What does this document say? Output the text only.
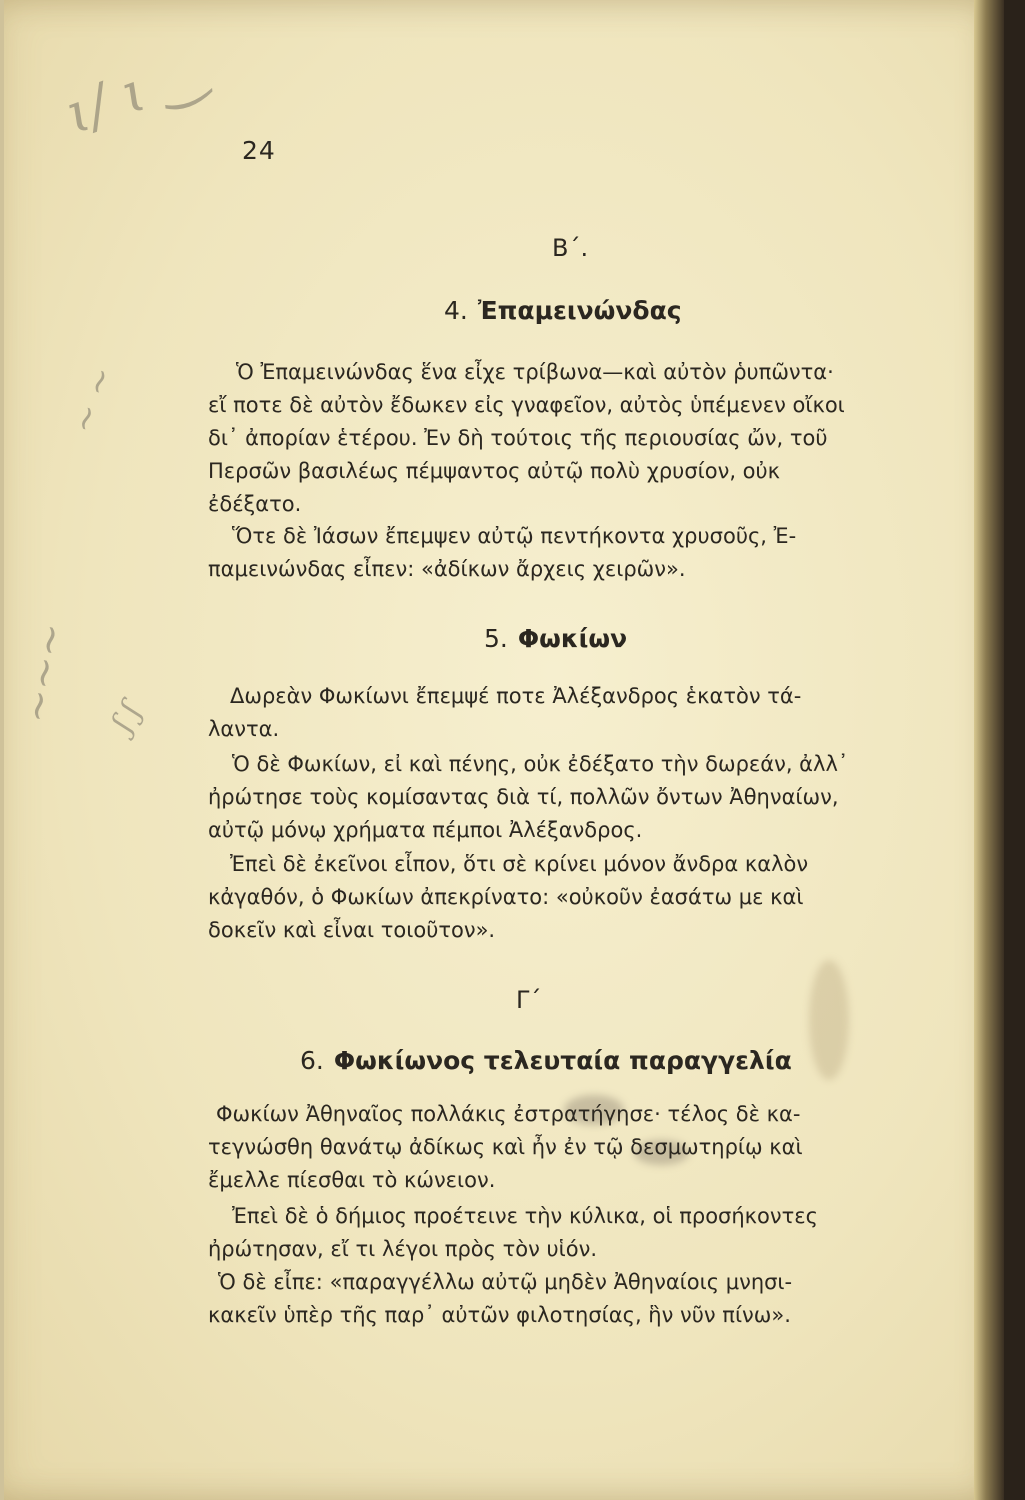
ɩ/ ɩ ‿
~ ~
~~~ ʃ ʃ
24
Β΄.
4. Ἐπαμεινώνδας
Ὁ Ἐπαμεινώνδας ἕνα εἶχε τρίβωνα—καὶ αὐτὸν ῥυπῶντα·
εἴ ποτε δὲ αὐτὸν ἔδωκεν εἰς γναφεῖον, αὐτὸς ὑπέμενεν οἴκοι
δι᾽ ἀπορίαν ἑτέρου. Ἐν δὴ τούτοις τῆς περιουσίας ὤν, τοῦ
Περσῶν βασιλέως πέμψαντος αὐτῷ πολὺ χρυσίον, οὐκ
ἐδέξατο.
Ὅτε δὲ Ἰάσων ἔπεμψεν αὐτῷ πεντήκοντα χρυσοῦς, Ἐ-
παμεινώνδας εἶπεν: «ἀδίκων ἄρχεις χειρῶν».
5. Φωκίων
Δωρεὰν Φωκίωνι ἔπεμψέ ποτε Ἀλέξανδρος ἑκατὸν τά-
λαντα.
Ὁ δὲ Φωκίων, εἰ καὶ πένης, οὐκ ἐδέξατο τὴν δωρεάν, ἀλλ᾽
ἠρώτησε τοὺς κομίσαντας διὰ τί, πολλῶν ὄντων Ἀθηναίων,
αὐτῷ μόνῳ χρήματα πέμποι Ἀλέξανδρος.
Ἐπεὶ δὲ ἐκεῖνοι εἶπον, ὅτι σὲ κρίνει μόνον ἄνδρα καλὸν
κἀγαθόν, ὁ Φωκίων ἀπεκρίνατο: «οὐκοῦν ἐασάτω με καὶ
δοκεῖν καὶ εἶναι τοιοῦτον».
Γ΄
6. Φωκίωνος τελευταία παραγγελία
Φωκίων Ἀθηναῖος πολλάκις ἐστρατήγησε· τέλος δὲ κα-
τεγνώσθη θανάτῳ ἀδίκως καὶ ἦν ἐν τῷ δεσμωτηρίῳ καὶ
ἔμελλε πίεσθαι τὸ κώνειον.
Ἐπεὶ δὲ ὁ δήμιος προέτεινε τὴν κύλικα, οἱ προσήκοντες
ἠρώτησαν, εἴ τι λέγοι πρὸς τὸν υἱόν.
Ὁ δὲ εἶπε: «παραγγέλλω αὐτῷ μηδὲν Ἀθηναίοις μνησι-
κακεῖν ὑπὲρ τῆς παρ᾽ αὐτῶν φιλοτησίας, ἣν νῦν πίνω».
